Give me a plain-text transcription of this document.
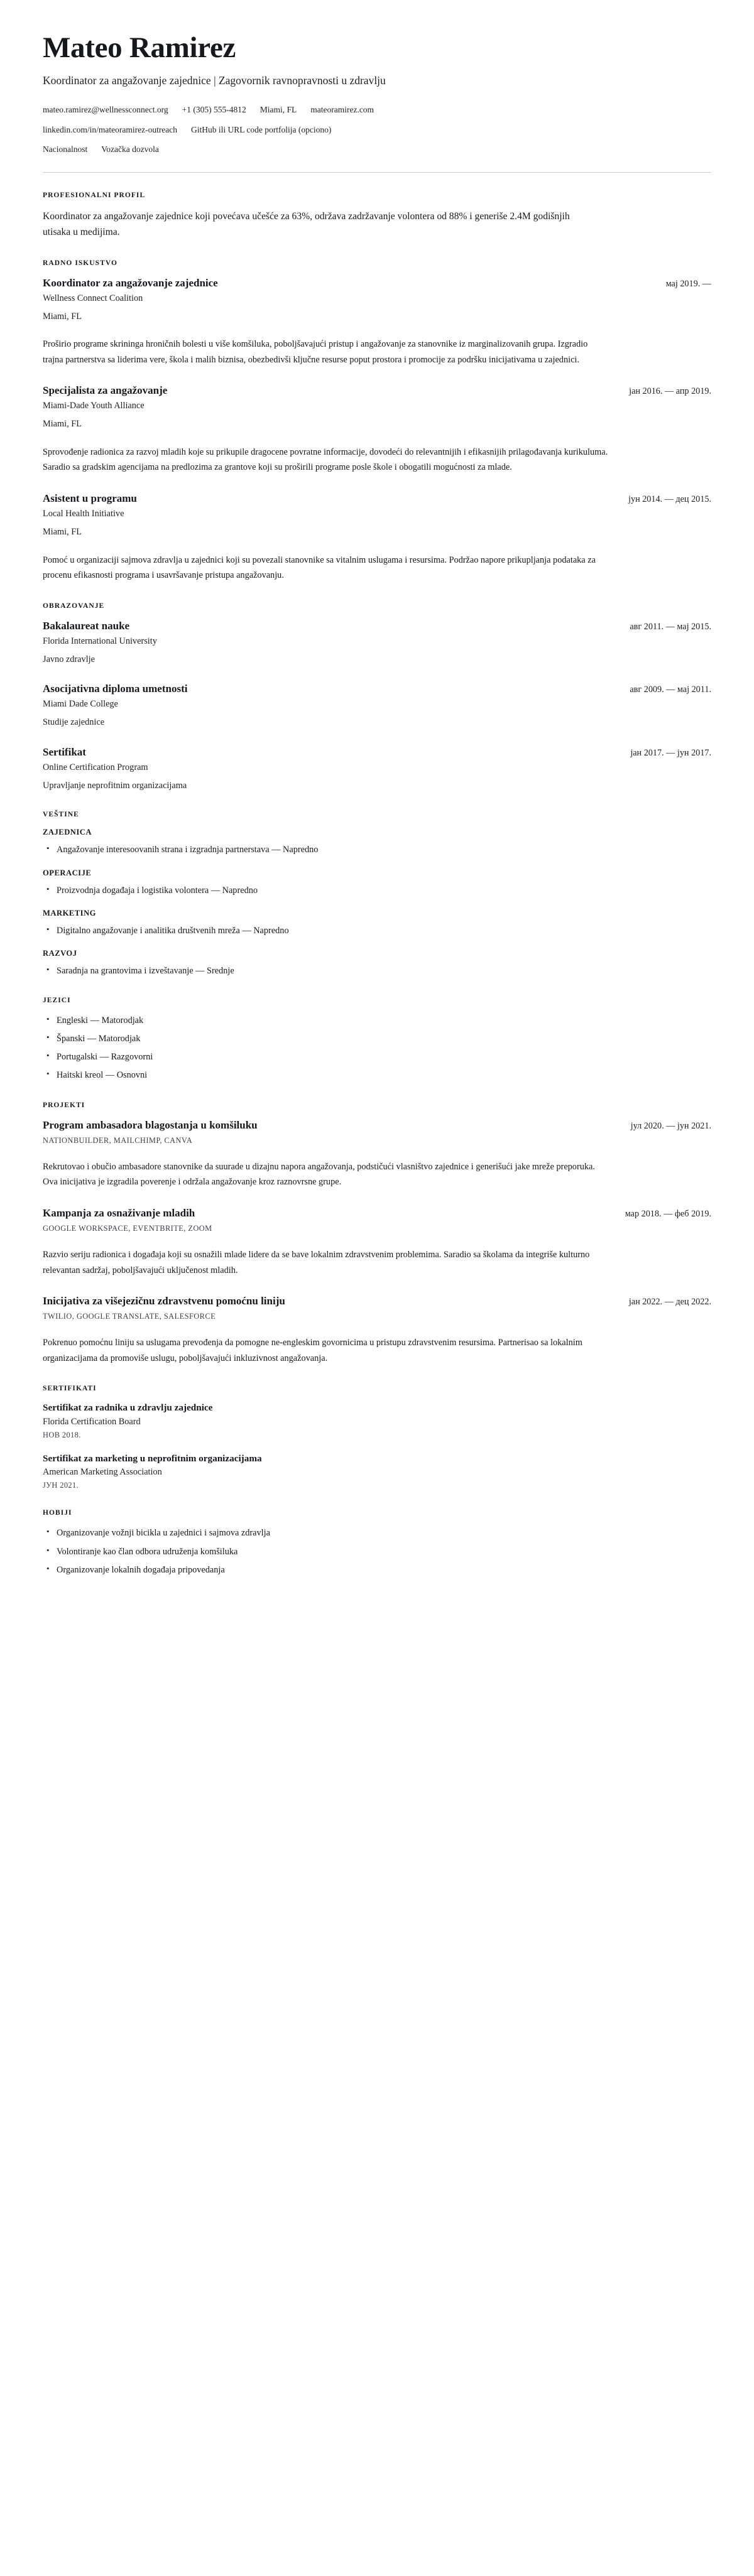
Mateo Ramirez

Koordinator za angažovanje zajednice | Zagovornik ravnopravnosti u zdravlju

mateo.ramirez@wellnessconnect.org +1 (305) 555-4812 Miami, FL mateoramirez.com
linkedin.com/in/mateoramirez-outreach GitHub ili URL code portfolija (opciono)
Nacionalnost Vozačka dozvola
PROFESIONALNI PROFIL

Koordinator za angažovanje zajednice koji povećava učešće za 63%, održava zadržavanje volontera od 88% i generiše 2.4M godišnjih utisaka u medijima.

RADNO ISKUSTVO
Koordinator za angažovanje zajednice	мај 2019. —

Wellness Connect Coalition

Miami, FL

Proširio programe skrininga hroničnih bolesti u više komšiluka, poboljšavajući pristup i angažovanje za stanovnike iz marginalizovanih grupa. Izgradio trajna partnerstva sa liderima vere, škola i malih biznisa, obezbedivši ključne resurse poput prostora i promocije za podršku inicijativama u zajednici.

Specijalista za angažovanje	јан 2016. — апр 2019.

Miami-Dade Youth Alliance

Miami, FL

Sprovođenje radionica za razvoj mladih koje su prikupile dragocene povratne informacije, dovodeći do relevantnijih i efikasnijih prilagođavanja kurikuluma. Saradio sa gradskim agencijama na predlozima za grantove koji su proširili programe posle škole i obogatili mogućnosti za mlade.

Asistent u programu	јун 2014. — дец 2015.

Local Health Initiative

Miami, FL

Pomoć u organizaciji sajmova zdravlja u zajednici koji su povezali stanovnike sa vitalnim uslugama i resursima. Podržao napore prikupljanja podataka za procenu efikasnosti programa i usavršavanje pristupa angažovanju.

OBRAZOVANJE
Bakalaureat nauke	авг 2011. — мај 2015.

Florida International University

Javno zdravlje

Asocijativna diploma umetnosti	авг 2009. — мај 2011.

Miami Dade College

Studije zajednice

Sertifikat	јан 2017. — јун 2017.

Online Certification Program

Upravljanje neprofitnim organizacijama

VEŠTINE
ZAJEDNICA
• Angažovanje interesoovanih strana i izgradnja partnerstava — Napredno
OPERACIJE
• Proizvodnja događaja i logistika volontera — Napredno
MARKETING
• Digitalno angažovanje i analitika društvenih mreža — Napredno
RAZVOJ
• Saradnja na grantovima i izveštavanje — Srednje
JEZICI
• Engleski — Matorodjak
• Španski — Matorodjak
• Portugalski — Razgovorni
• Haitski kreol — Osnovni
PROJEKTI
Program ambasadora blagostanja u komšiluku	јул 2020. — јун 2021.

NATIONBUILDER, MAILCHIMP, CANVA

Rekrutovao i obučio ambasadore stanovnike da suurade u dizajnu napora angažovanja, podstičući vlasništvo zajednice i generišući jake mreže preporuka. Ova inicijativa je izgradila poverenje i održala angažovanje kroz raznovrsne grupe.

Kampanja za osnaživanje mladih	мар 2018. — феб 2019.

GOOGLE WORKSPACE, EVENTBRITE, ZOOM

Razvio seriju radionica i događaja koji su osnažili mlade lidere da se bave lokalnim zdravstvenim problemima. Saradio sa školama da integriše kulturno relevantan sadržaj, poboljšavajući uključenost mladih.

Inicijativa za višejezičnu zdravstvenu pomoćnu liniju	јан 2022. — дец 2022.

TWILIO, GOOGLE TRANSLATE, SALESFORCE

Pokrenuo pomoćnu liniju sa uslugama prevođenja da pomogne ne-engleskim govornicima u pristupu zdravstvenim resursima. Partnerisao sa lokalnim organizacijama da promoviše uslugu, poboljšavajući inkluzivnost angažovanja.

SERTIFIKATI

Sertifikat za radnika u zdravlju zajednice

Florida Certification Board

НОВ 2018.

Sertifikat za marketing u neprofitnim organizacijama

American Marketing Association

ЈУН 2021.

HOBIJI
• Organizovanje vožnji bicikla u zajednici i sajmova zdravlja
• Volontiranje kao član odbora udruženja komšiluka
• Organizovanje lokalnih događaja pripovedanja
